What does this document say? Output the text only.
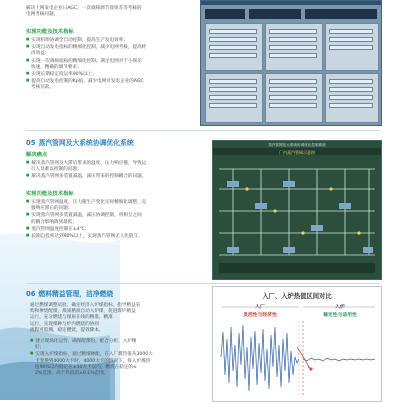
解决上网发电企业日AGC，一次调频调节效果差等考核的
电网考核问题。
实现功能及技术指标
■ 实现机组协调全自动控制，提高生产发电效率；
■ 实现自动发电指标的精细化控制，减少电网考核，提高经
济效益；
■ 实现一次调频指标的精细化控制，满足电网对于小频差
快速，精确的调节要求；
■ 实现长期稳定投运率90%以上；
■ 提高自动发电控制的Kp值，减少电网对发电企业的AGC
考核罚款。
05 蒸汽管网及大系统协调优化系统
解决痛点
■ 解决蒸汽管网及大滞后带来的温度，压力响应慢，导致运
行人员难以控制的问题；
■ 解决蒸汽管网多装置减温，减压带来的控制耦合的问题。
实现功能及技术指标
■ 实现蒸汽管网温度，压力随生产变化实时精细化调整，克
服响应滞后的问题；
■ 实现蒸汽管网多装置减温，减压协调控制，将相互之间
的耦合影响降到最低；
■ 蒸汽管网温度控制在±4℃；
■ 长期自投率达到90%以上，实现蒸汽管网无人化值守。
蒸汽管网及大系统协调优化控制系统
厂内蒸汽管网示意图
06 燃料精益管理，洁净燃烧
通过燃煤调整试验，确定经济入炉煤指标，指导精益采
购和掺烧配煤，煤质精准自动入炉煤，促进煤炉精益
运行，充分燃烧与煤质在线的精准，精准
运行，实现煤种与炉内燃烧的协同
流程可追溯，稳定燃烧，提效降本。
■ 建立现场化运营，确保配煤份，配合分析，入炉精
好；
■ 实现入炉煤指标，通过精细掺配，在入厂煤热值从3000大
卡变换到4000大卡时，4000大卡的情况下，将入炉煤热
值90%以内稳定在±50大卡以内，燃烧在稳定的±
2%范围，高于热值的±0.1%范围。
入厂、入炉热值区间对比
入厂
灵活性与经济性
入炉
稳定性与适用性
